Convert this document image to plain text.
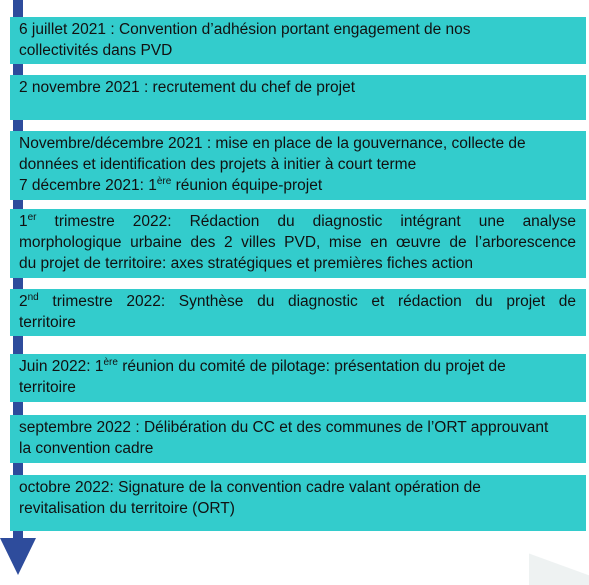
6 juillet 2021 : Convention d’adhésion portant engagement de nos
collectivités dans PVD
2 novembre 2021 : recrutement du chef de projet
Novembre/décembre 2021 : mise en place de la gouvernance, collecte de
données et identification des projets à initier à court terme
7 décembre 2021: 1ère réunion équipe-projet
1er trimestre 2022: Rédaction du diagnostic intégrant une analyse
morphologique urbaine des 2 villes PVD, mise en œuvre de l’arborescence
du projet de territoire: axes stratégiques et premières fiches action
2nd trimestre 2022: Synthèse du diagnostic et rédaction du projet de
territoire
Juin 2022: 1ère réunion du comité de pilotage: présentation du projet de
territoire
septembre 2022 : Délibération du CC et des communes de l’ORT approuvant
la convention cadre
octobre 2022: Signature de la convention cadre valant opération de
revitalisation du territoire (ORT)
